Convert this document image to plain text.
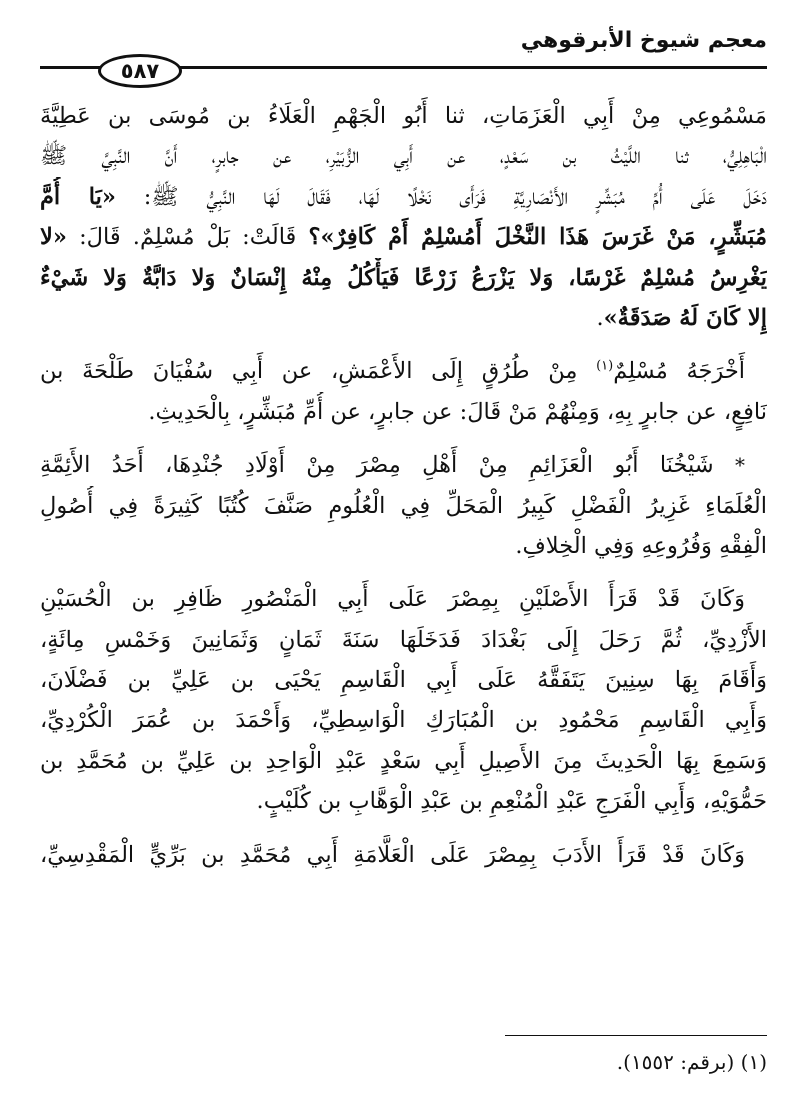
معجم شيوخ الأبرقوهي
٥٨٧
مَسْمُوعِي مِنْ أَبِي الْعَزَمَاتِ، ثنا أَبُو الْجَهْمِ الْعَلَاءُ بن مُوسَى بن عَطِيَّةَ
الْبَاهِلِيُّ، ثنا اللَّيْثُ بن سَعْدٍ، عن أَبِي الزُّبَيْرِ، عن جابرٍ، أَنَّ النَّبِيَّ ﷺ
دَخَلَ عَلَى أُمِّ مُبَشِّرٍ الأَنْصَارِيَّةِ فَرَأَى نَخْلًا لَهَا، فَقَالَ لَهَا النَّبِيُّ ﷺ: «يَا أُمَّ
مُبَشِّرٍ، مَنْ غَرَسَ هَذَا النَّخْلَ أَمُسْلِمٌ أَمْ كَافِرٌ»؟ قَالَتْ: بَلْ مُسْلِمٌ. قَالَ: «لا
يَغْرِسُ مُسْلِمٌ غَرْسًا، وَلا يَزْرَعُ زَرْعًا فَيَأْكُلُ مِنْهُ إِنْسَانٌ وَلا دَابَّةٌ وَلا شَيْءٌ
إِلا كَانَ لَهُ صَدَقَةٌ».
أَخْرَجَهُ مُسْلِمٌ$^{(١)}$ مِنْ طُرُقٍ إِلَى الأَعْمَشِ، عن أَبِي سُفْيَانَ طَلْحَةَ بن
نَافِعٍ، عن جابرٍ بِهِ، وَمِنْهُمْ مَنْ قَالَ: عن جابرٍ، عن أُمِّ مُبَشِّرٍ، بِالْحَدِيثِ.
* شَيْخُنَا أَبُو الْعَزَائِمِ مِنْ أَهْلِ مِصْرَ مِنْ أَوْلَادِ جُنْدِهَا، أَحَدُ الأَئِمَّةِ
الْعُلَمَاءِ غَزِيرُ الْفَضْلِ كَبِيرُ الْمَحَلِّ فِي الْعُلُومِ صَنَّفَ كُتُبًا كَثِيرَةً فِي أُصُولِ
الْفِقْهِ وَفُرُوعِهِ وَفِي الْخِلافِ.
وَكَانَ قَدْ قَرَأَ الأَصْلَيْنِ بِمِصْرَ عَلَى أَبِي الْمَنْصُورِ ظَافِرِ بن الْحُسَيْنِ
الأَزْدِيِّ، ثُمَّ رَحَلَ إِلَى بَغْدَادَ فَدَخَلَهَا سَنَةَ ثَمَانٍ وَثَمَانِينَ وَخَمْسِ مِائَةٍ،
وَأَقَامَ بِهَا سِنِينَ يَتَفَقَّهُ عَلَى أَبِي الْقَاسِمِ يَحْيَى بن عَلِيِّ بن فَضْلَانَ،
وَأَبِي الْقَاسِمِ مَحْمُودِ بن الْمُبَارَكِ الْوَاسِطِيِّ، وَأَحْمَدَ بن عُمَرَ الْكُرْدِيِّ،
وَسَمِعَ بِهَا الْحَدِيثَ مِنَ الأَصِيلِ أَبِي سَعْدٍ عَبْدِ الْوَاحِدِ بن عَلِيِّ بن مُحَمَّدِ بن
حَمُّوَيْهِ، وَأَبِي الْفَرَجِ عَبْدِ الْمُنْعِمِ بن عَبْدِ الْوَهَّابِ بن كُلَيْبٍ.
وَكَانَ قَدْ قَرَأَ الأَدَبَ بِمِصْرَ عَلَى الْعَلَّامَةِ أَبِي مُحَمَّدِ بن بَرِّيٍّ الْمَقْدِسِيِّ،
(١) (برقم: ١٥٥٢).
